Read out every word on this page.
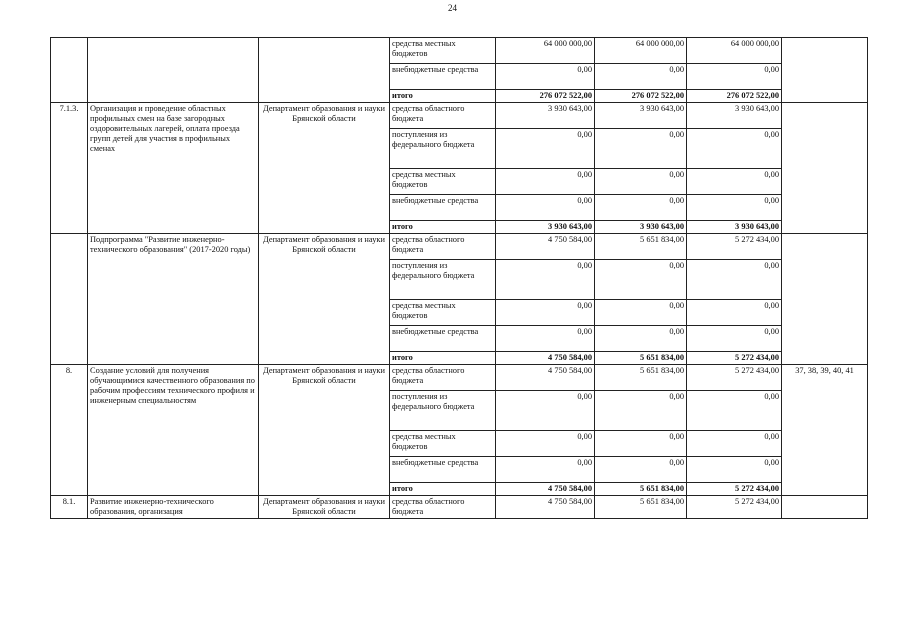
24
			средства местных бюджетов	64 000 000,00	64 000 000,00	64 000 000,00	
			внебюджетные средства	0,00	0,00	0,00	
			итого	276 072 522,00	276 072 522,00	276 072 522,00	
7.1.3.	Организация и проведение областных профильных смен на базе загородных оздоровительных лагерей, оплата проезда групп детей для участия в профильных сменах	Департамент образования и науки Брянской области	средства областного бюджета	3 930 643,00	3 930 643,00	3 930 643,00	
			поступления из федерального бюджета	0,00	0,00	0,00	
			средства местных бюджетов	0,00	0,00	0,00	
			внебюджетные средства	0,00	0,00	0,00	
			итого	3 930 643,00	3 930 643,00	3 930 643,00	
	Подпрограмма "Развитие инженерно-технического образования" (2017-2020 годы)	Департамент образования и науки Брянской области	средства областного бюджета	4 750 584,00	5 651 834,00	5 272 434,00	
			поступления из федерального бюджета	0,00	0,00	0,00	
			средства местных бюджетов	0,00	0,00	0,00	
			внебюджетные средства	0,00	0,00	0,00	
			итого	4 750 584,00	5 651 834,00	5 272 434,00	
8.	Создание условий для получения обучающимися качественного образования по рабочим профессиям технического профиля и инженерным специальностям	Департамент образования и науки Брянской области	средства областного бюджета	4 750 584,00	5 651 834,00	5 272 434,00	37, 38, 39, 40, 41
			поступления из федерального бюджета	0,00	0,00	0,00	
			средства местных бюджетов	0,00	0,00	0,00	
			внебюджетные средства	0,00	0,00	0,00	
			итого	4 750 584,00	5 651 834,00	5 272 434,00	
8.1.	Развитие инженерно-технического образования, организация	Департамент образования и науки Брянской области	средства областного бюджета	4 750 584,00	5 651 834,00	5 272 434,00	
